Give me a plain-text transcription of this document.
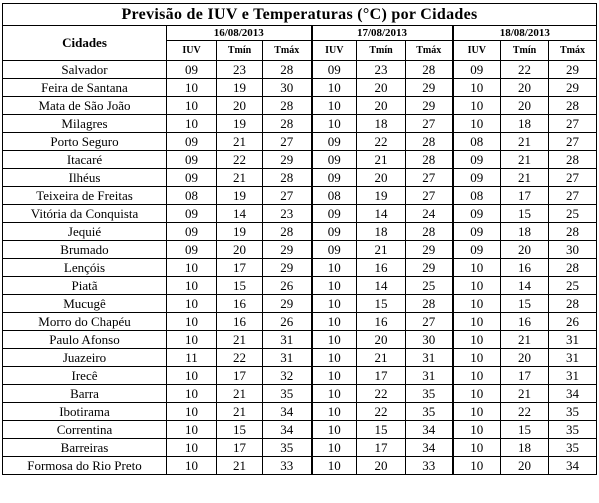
Previsão de IUV e Temperaturas (°C) por Cidades									
Cidades	16/08/2013			17/08/2013			18/08/2013		
	IUV	Tmín	Tmáx	IUV	Tmín	Tmáx	IUV	Tmín	Tmáx
Salvador	09	23	28	09	23	28	09	22	29
Feira de Santana	10	19	30	10	20	29	10	20	29
Mata de São João	10	20	28	10	20	29	10	20	28
Milagres	10	19	28	10	18	27	10	18	27
Porto Seguro	09	21	27	09	22	28	08	21	27
Itacaré	09	22	29	09	21	28	09	21	28
Ilhéus	09	21	28	09	20	27	09	21	27
Teixeira de Freitas	08	19	27	08	19	27	08	17	27
Vitória da Conquista	09	14	23	09	14	24	09	15	25
Jequié	09	19	28	09	18	28	09	18	28
Brumado	09	20	29	09	21	29	09	20	30
Lençóis	10	17	29	10	16	29	10	16	28
Piatã	10	15	26	10	14	25	10	14	25
Mucugê	10	16	29	10	15	28	10	15	28
Morro do Chapéu	10	16	26	10	16	27	10	16	26
Paulo Afonso	10	21	31	10	20	30	10	21	31
Juazeiro	11	22	31	10	21	31	10	20	31
Irecê	10	17	32	10	17	31	10	17	31
Barra	10	21	35	10	22	35	10	21	34
Ibotirama	10	21	34	10	22	35	10	22	35
Correntina	10	15	34	10	15	34	10	15	35
Barreiras	10	17	35	10	17	34	10	18	35
Formosa do Rio Preto	10	21	33	10	20	33	10	20	34
